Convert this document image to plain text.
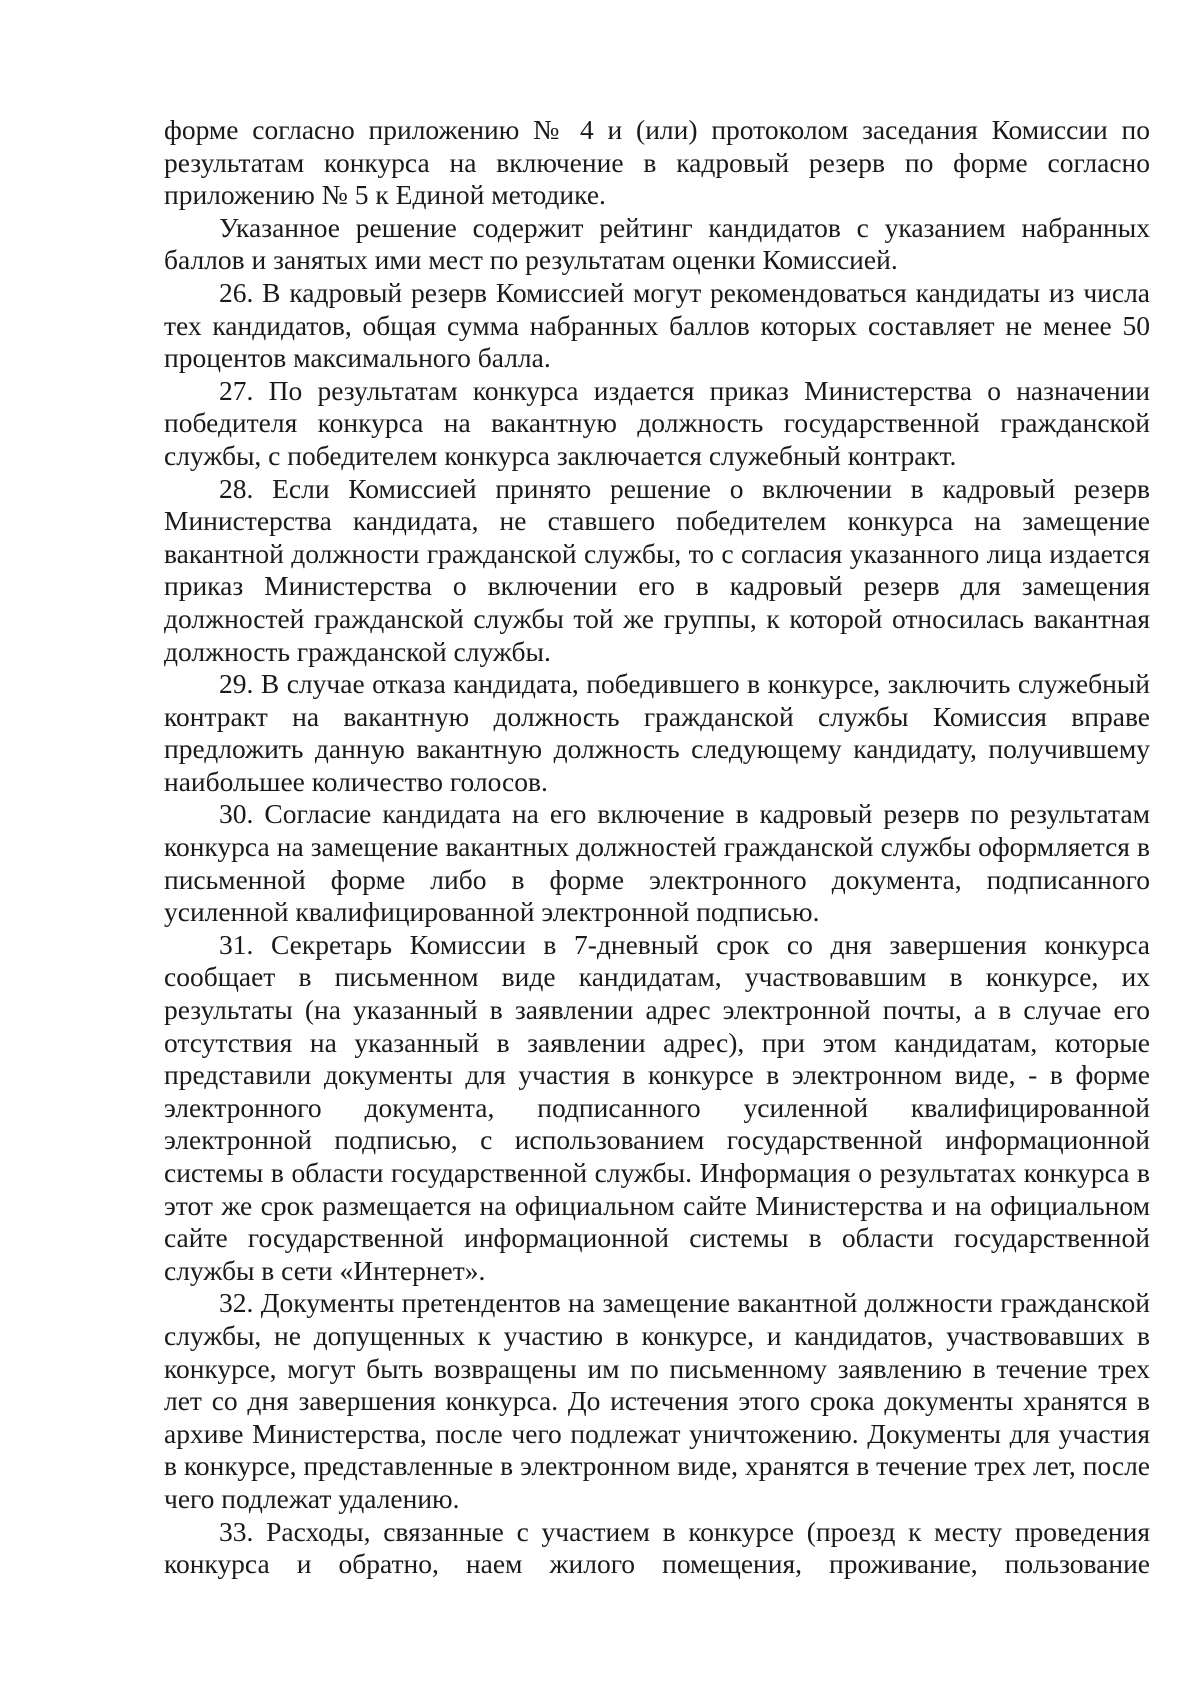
форме согласно приложению № 4 и (или) протоколом заседания Комиссии по результатам конкурса на включение в кадровый резерв по форме согласно приложению № 5 к Единой методике.

Указанное решение содержит рейтинг кандидатов с указанием набранных баллов и занятых ими мест по результатам оценки Комиссией.

26. В кадровый резерв Комиссией могут рекомендоваться кандидаты из числа тех кандидатов, общая сумма набранных баллов которых составляет не менее 50 процентов максимального балла.

27. По результатам конкурса издается приказ Министерства о назначении победителя конкурса на вакантную должность государственной гражданской службы, с победителем конкурса заключается служебный контракт.

28. Если Комиссией принято решение о включении в кадровый резерв Министерства кандидата, не ставшего победителем конкурса на замещение вакантной должности гражданской службы, то с согласия указанного лица издается приказ Министерства о включении его в кадровый резерв для замещения должностей гражданской службы той же группы, к которой относилась вакантная должность гражданской службы.

29. В случае отказа кандидата, победившего в конкурсе, заключить служебный контракт на вакантную должность гражданской службы Комиссия вправе предложить данную вакантную должность следующему кандидату, получившему наибольшее количество голосов.

30. Согласие кандидата на его включение в кадровый резерв по результатам конкурса на замещение вакантных должностей гражданской службы оформляется в письменной форме либо в форме электронного документа, подписанного усиленной квалифицированной электронной подписью.

31. Секретарь Комиссии в 7-дневный срок со дня завершения конкурса сообщает в письменном виде кандидатам, участвовавшим в конкурсе, их результаты (на указанный в заявлении адрес электронной почты, а в случае его отсутствия на указанный в заявлении адрес), при этом кандидатам, которые представили документы для участия в конкурсе в электронном виде, - в форме электронного документа, подписанного усиленной квалифицированной электронной подписью, с использованием государственной информационной системы в области государственной службы. Информация о результатах конкурса в этот же срок размещается на официальном сайте Министерства и на официальном сайте государственной информационной системы в области государственной службы в сети «Интернет».

32. Документы претендентов на замещение вакантной должности гражданской службы, не допущенных к участию в конкурсе, и кандидатов, участвовавших в конкурсе, могут быть возвращены им по письменному заявлению в течение трех лет со дня завершения конкурса. До истечения этого срока документы хранятся в архиве Министерства, после чего подлежат уничтожению. Документы для участия в конкурсе, представленные в электронном виде, хранятся в течение трех лет, после чего подлежат удалению.

33. Расходы, связанные с участием в конкурсе (проезд к месту проведения конкурса и обратно, наем жилого помещения, проживание, пользование
